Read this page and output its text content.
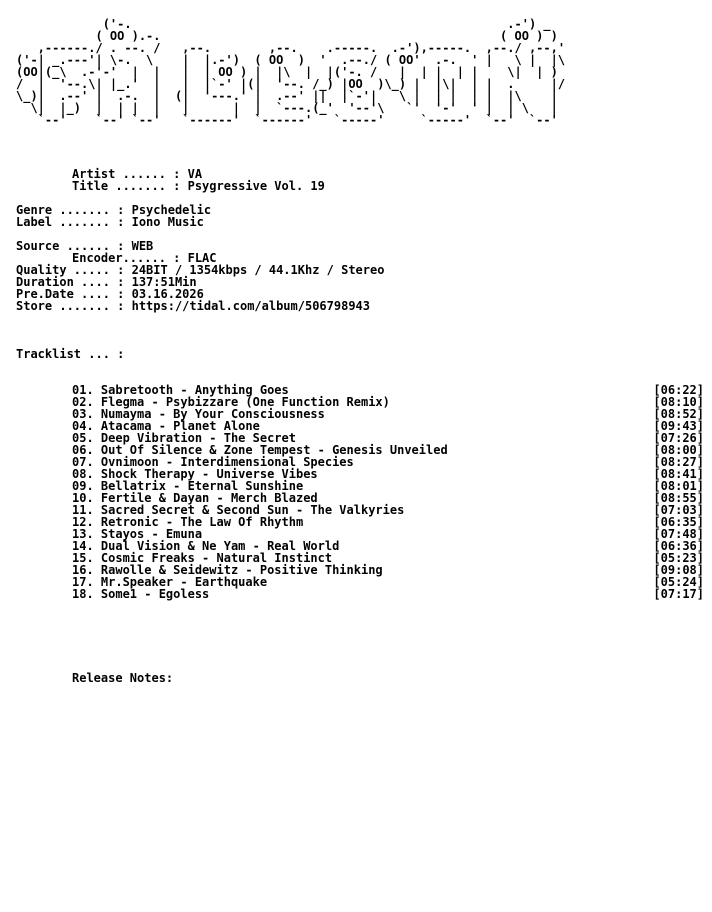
('-.                                                    .-') _
( OO ).-.                                               ( OO ) )
,------./ . --. /   ,--.        ,--.    .-----.  .-'),-----.  ,--./ ,--,'
('-| _.---'| \-.  \    |  |.-')  ( OO  )  '  .--./ ( OO'  .-.  ' |   \ |  |\
(OO|(_\  .-'-'  |  |   |  | OO ) |  |\  |  |('-. /   |  | |  | |    \|  | )
/  |  '--.\| |_.'  |   |  |`-' |(|  '--. /_) |OO  )\_) |  |\|  | |  .     |/
\_)|  .--' |  .-.  |  (|  '---.' |  .--' ||  |`-'|   \ |  | |  | |  |\    |
\|  |_)  |  | |  |   |      |  |  `---.(_'  '--'\   `'  '-'  ' |  | \   |
`--'    `--' `--'   `------'  `------'   `-----'     `-----'  `--'  `--'
Artist ...... : VA
Title ....... : Psygressive Vol. 19
Genre ....... : Psychedelic
Label ....... : Iono Music
Source ...... : WEB
Encoder...... : FLAC
Quality ..... : 24BIT / 1354kbps / 44.1Khz / Stereo
Duration .... : 137:51Min
Pre.Date .... : 03.16.2026
Store ....... : https://tidal.com/album/506798943
Tracklist ... :
01. Sabretooth - Anything Goes	[06:22]
02. Flegma - Psybizzare (One Function Remix)	[08:10]
03. Numayma - By Your Consciousness	[08:52]
04. Atacama - Planet Alone	[09:43]
05. Deep Vibration - The Secret	[07:26]
06. Out Of Silence & Zone Tempest - Genesis Unveiled	[08:00]
07. Ovnimoon - Interdimensional Species	[08:27]
08. Shock Therapy - Universe Vibes	[08:41]
09. Bellatrix - Eternal Sunshine	[08:01]
10. Fertile & Dayan - Merch Blazed	[08:55]
11. Sacred Secret & Second Sun - The Valkyries	[07:03]
12. Retronic - The Law Of Rhythm	[06:35]
13. Stayos - Emuna	[07:48]
14. Dual Vision & Ne Yam - Real World	[06:36]
15. Cosmic Freaks - Natural Instinct	[05:23]
16. Rawolle & Seidewitz - Positive Thinking	[09:08]
17. Mr.Speaker - Earthquake	[05:24]
18. Some1 - Egoless	[07:17]
Release Notes:
